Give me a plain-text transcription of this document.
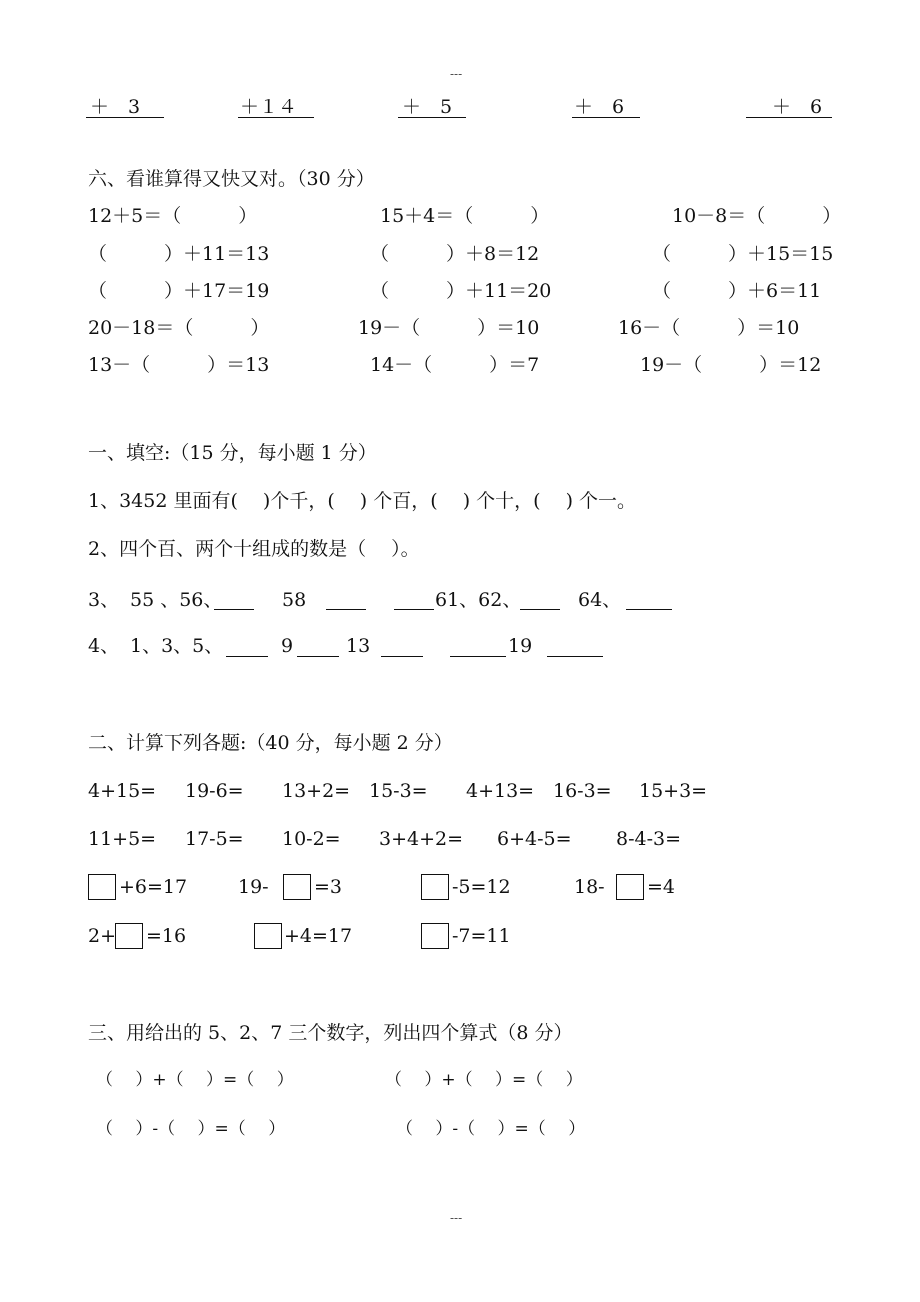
---
---
＋　3	＋１４	＋　5	＋　6	＋　6
六、看谁算得又快又对。（30 分）
12＋5＝（　　　）	15＋4＝（　　　）	10－8＝（　　　）
（　　　）＋11＝13	（　　　）＋8＝12	（　　　）＋15＝15
（　　　）＋17＝19	（　　　）＋11＝20	（　　　）＋6＝11
20－18＝（　　　）	19－（　　　）＝10	16－（　　　）＝10
13－（　　　）＝13	14－（　　　）＝7	19－（　　　）＝12
一、填空:（15 分，每小题 1 分）
1、3452 里面有(　 )个千，(　 ) 个百，(　 ) 个十，(　 ) 个一。
2、四个百、两个十组成的数是（　 ）。
3、 55 、56、	58	61、62、	64、
4、 1、3、5、	9	13	19
二、计算下列各题:（40 分，每小题 2 分）
4+15= 19-6= 13+2= 15-3= 4+13= 16-3= 15+3=
11+5= 17-5= 10-2= 3+4+2= 6+4-5= 8-4-3=
+6=17	19- =3	-5=12	18- =4
2+ =16	+4=17	-7=11
三、用给出的 5、2、7 三个数字，列出四个算式（8 分）
（　 ）+（　 ）=（　 ）	（　 ）+（　 ）=（　 ）
（　 ）-（　 ）=（　 ）	（　 ）-（　 ）=（　 ）
